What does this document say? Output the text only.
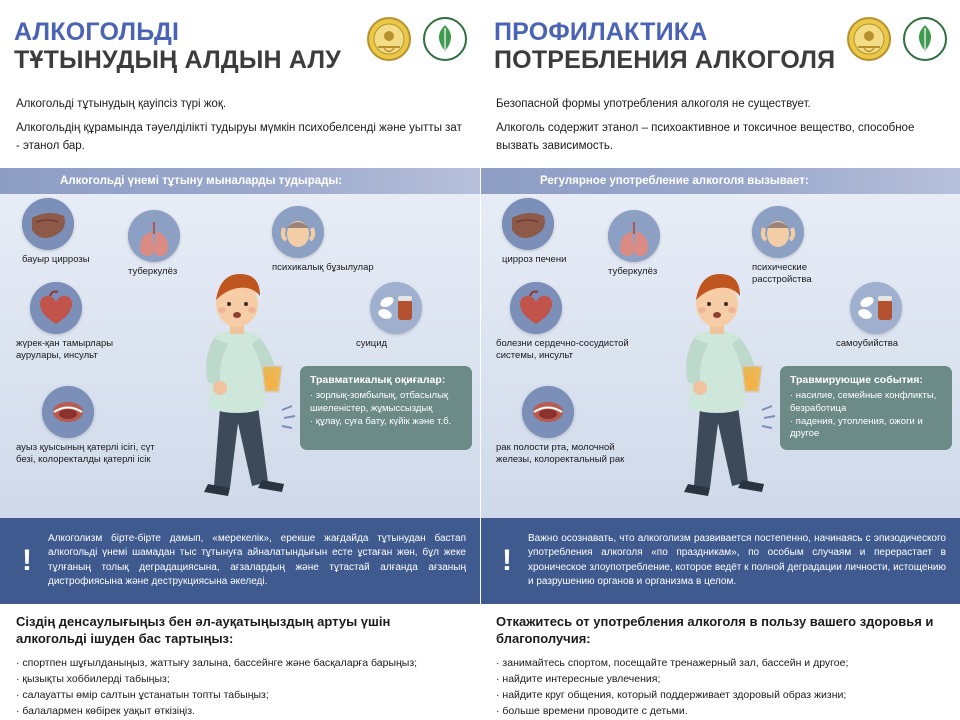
АЛКОГОЛЬДІ
ТҰТЫНУДЫҢ АЛДЫН АЛУ

Алкогольді тұтынудың қауіпсіз түрі жоқ.

Алкогольдің құрамында тәуелділікті тудыруы мүмкін психобелсенді және уытты зат - этанол бар.

Алкогольді үнемі тұтыну мыналарды тудырады:
бауыр циррозы
туберкулёз	психикалық бұзылулар
жүрек-қан тамырлары аурулары, инсульт
ауыз қуысының қатерлі ісігі, сүт безі, колоректалды қатерлі ісік
суицид
Травматикалық оқиғалар:
· зорлық-зомбылық, отбасылық шиеленістер, жұмыссыздық
· құлау, суға бату, күйік және т.б.
!
Алкоголизм бірте-бірте дамып, «мерекелік», ерекше жағдайда тұтынудан бастап алкогольді үнемі шамадан тыс тұтынуға айналатындығын есте ұстаған жөн, бұл жеке тұлғаның толық деградациясына, ағзалардың және тұтастай алғанда ағзаның дистрофиясына және деструкциясына әкеледі.
Сіздің денсаулығыңыз бен әл-ауқатыңыздың артуы үшін алкогольді ішуден бас тартыңыз:
· спортпен шұғылданыңыз, жаттығу залына, бассейнге және басқаларға барыңыз;
· қызықты хоббилерді табыңыз;
· салауатты өмір салтын ұстанатын топты табыңыз;
· балалармен көбірек уақыт өткізіңіз.
ПРОФИЛАКТИКА
ПОТРЕБЛЕНИЯ АЛКОГОЛЯ

Безопасной формы употребления алкоголя не существует.

Алкоголь содержит этанол – психоактивное и токсичное вещество, способное вызвать зависимость.

Регулярное употребление алкоголя вызывает:
цирроз печени
туберкулёз	психические расстройства
болезни сердечно-сосудистой системы, инсульт
рак полости рта, молочной железы, колоректальный рак
самоубийства
Травмирующие события:
· насилие, семейные конфликты, безработица
· падения, утопления, ожоги и другое
!
Важно осознавать, что алкоголизм развивается постепенно, начинаясь с эпизодического употребления алкоголя «по праздникам», по особым случаям и перерастает в хроническое злоупотребление, которое ведёт к полной деградации личности, истощению и разрушению органов и организма в целом.
Откажитесь от употребления алкоголя в пользу вашего здоровья и благополучия:
· занимайтесь спортом, посещайте тренажерный зал, бассейн и другое;
· найдите интересные увлечения;
· найдите круг общения, который поддерживает здоровый образ жизни;
· больше времени проводите с детьми.
